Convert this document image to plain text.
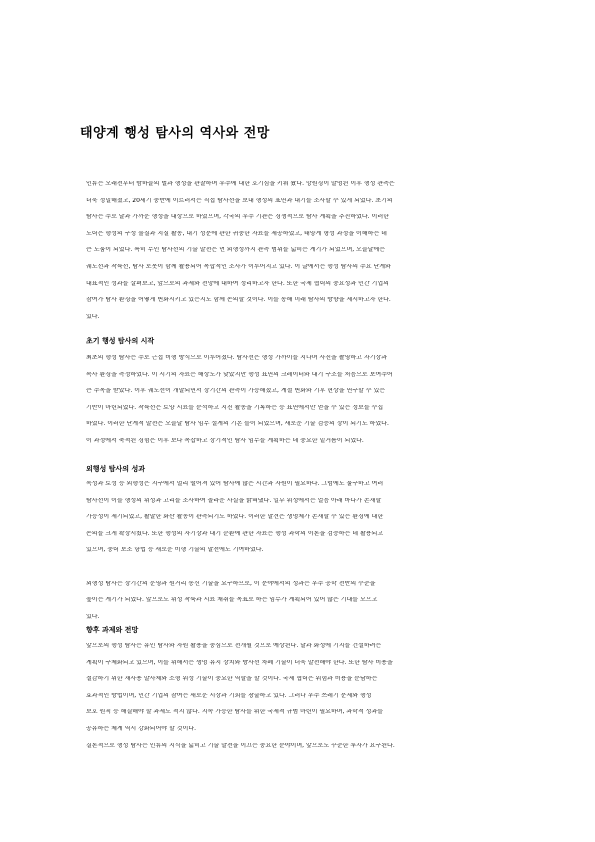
태양계 행성 탐사의 역사와 전망
인류는 오래전부터 밤하늘의 별과 행성을 관찰하며 우주에 대한 호기심을 키워 왔다. 망원경이 발명된 이후 행성 관측은
더욱 정밀해졌고, 20세기 중반에 이르러서는 직접 탐사선을 보내 행성의 표면과 대기를 조사할 수 있게 되었다. 초기의
탐사는 주로 달과 가까운 행성을 대상으로 하였으며, 각국의 우주 기관은 경쟁적으로 탐사 계획을 추진하였다. 이러한
노력은 행성의 구성 물질과 지질 활동, 대기 성분에 관한 귀중한 자료를 제공하였고, 태양계 형성 과정을 이해하는 데
큰 도움이 되었다. 특히 무인 탐사선의 기술 발전은 먼 외행성까지 관측 범위를 넓히는 계기가 되었으며, 오늘날에는
궤도선과 착륙선, 탐사 로봇이 함께 활용되어 복합적인 조사가 이루어지고 있다. 이 글에서는 행성 탐사의 주요 단계와
대표적인 성과를 살펴보고, 앞으로의 과제와 전망에 대하여 정리하고자 한다. 또한 국제 협력의 중요성과 민간 기업의
참여가 탐사 환경을 어떻게 변화시키고 있는지도 함께 논의할 것이다. 이를 통해 미래 탐사의 방향을 제시하고자 한다.
있다.
초기 행성 탐사의 시작
최초의 행성 탐사는 주로 근접 비행 방식으로 이루어졌다. 탐사선은 행성 가까이를 지나며 사진을 촬영하고 자기장과
복사 환경을 측정하였다. 이 시기의 자료는 해상도가 낮았지만 행성 표면의 크레이터와 대기 구조를 처음으로 보여주어
큰 주목을 받았다. 이후 궤도선이 개발되면서 장기간의 관측이 가능해졌고, 계절 변화와 기후 현상을 연구할 수 있는
기반이 마련되었다. 착륙선은 토양 시료를 분석하고 지진 활동을 기록하는 등 표면에서만 얻을 수 있는 정보를 수집
하였다. 이러한 단계적 발전은 오늘날 탐사 임무 설계의 기본 틀이 되었으며, 새로운 기술 검증의 장이 되기도 하였다.
이 과정에서 축적된 경험은 이후 보다 복잡하고 장기적인 탐사 임무를 계획하는 데 중요한 밑거름이 되었다.
외행성 탐사의 성과
목성과 토성 등 외행성은 지구에서 멀리 떨어져 있어 탐사에 많은 시간과 자원이 필요하다. 그럼에도 불구하고 여러
탐사선이 이들 행성의 위성과 고리를 조사하여 놀라운 사실을 밝혀냈다. 일부 위성에서는 얼음 아래 바다가 존재할
가능성이 제기되었고, 활발한 화산 활동이 관측되기도 하였다. 이러한 발견은 생명체가 존재할 수 있는 환경에 대한
논의를 크게 확장시켰다. 또한 행성의 자기장과 대기 순환에 관한 자료는 행성 과학의 이론을 검증하는 데 활용되고
있으며, 중력 보조 항법 등 새로운 비행 기술의 발전에도 기여하였다.
외행성 탐사는 장기간의 운영과 원거리 통신 기술을 요구하므로, 이 분야에서의 성과는 우주 공학 전반의 수준을
높이는 계기가 되었다. 앞으로도 위성 착륙과 시료 채취를 목표로 하는 임무가 계획되어 있어 많은 기대를 모으고
있다.
향후 과제와 전망
앞으로의 행성 탐사는 유인 탐사와 자원 활용을 중심으로 전개될 것으로 예상된다. 달과 화성에 기지를 건설하려는
계획이 구체화되고 있으며, 이를 위해서는 생명 유지 장치와 방사선 차폐 기술이 더욱 발전해야 한다. 또한 탐사 비용을
절감하기 위한 재사용 발사체와 소형 위성 기술이 중요한 역할을 할 것이다. 국제 협력은 위험과 비용을 분담하는
효과적인 방법이며, 민간 기업의 참여는 새로운 시장과 기회를 창출하고 있다. 그러나 우주 쓰레기 문제와 행성
보호 원칙 등 해결해야 할 과제도 적지 않다. 지속 가능한 탐사를 위한 국제적 규범 마련이 필요하며, 과학적 성과를
공유하는 체계 역시 강화되어야 할 것이다.
결론적으로 행성 탐사는 인류의 지식을 넓히고 기술 발전을 이끄는 중요한 분야이며, 앞으로도 꾸준한 투자가 요구된다.
